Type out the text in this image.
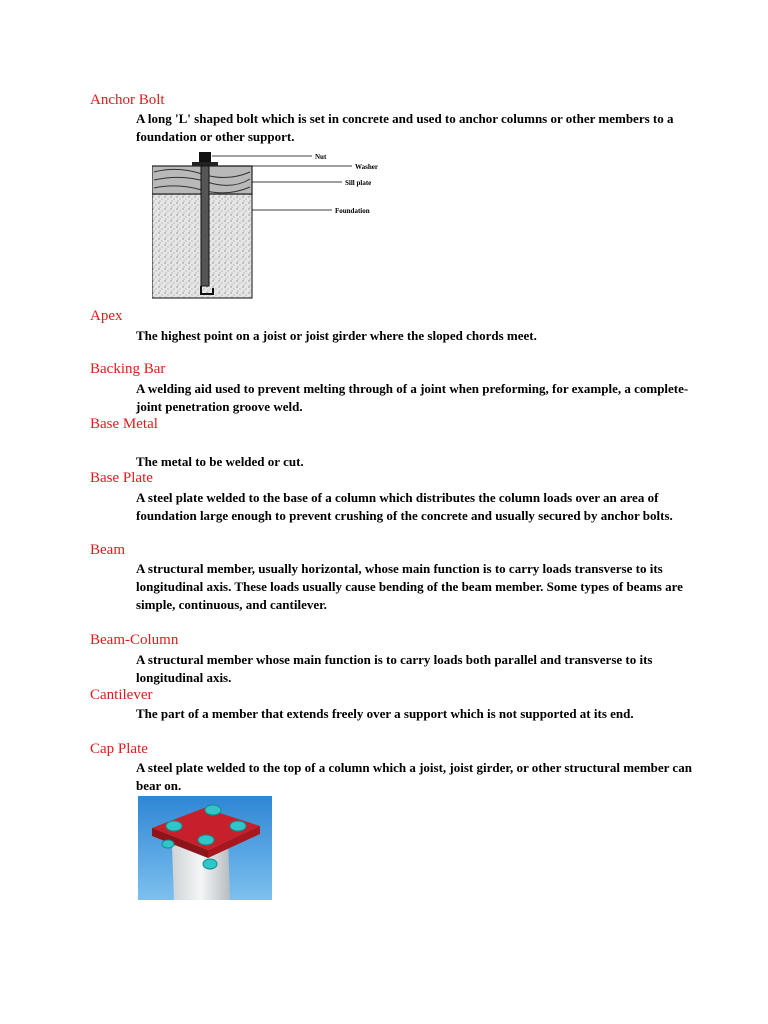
Anchor Bolt

A long 'L' shaped bolt which is set in concrete and used to anchor columns or other members to a foundation or other support.

Nut
Washer
Sill plate
Foundation
Apex

The highest point on a joist or joist girder where the sloped chords meet.

Backing Bar

A welding aid used to prevent melting through of a joint when preforming, for example, a complete-joint penetration groove weld.

Base Metal

The metal to be welded or cut.

Base Plate

A steel plate welded to the base of a column which distributes the column loads over an area of foundation large enough to prevent crushing of the concrete and usually secured by anchor bolts.

Beam

A structural member, usually horizontal, whose main function is to carry loads transverse to its longitudinal axis. These loads usually cause bending of the beam member. Some types of beams are simple, continuous, and cantilever.

Beam-Column

A structural member whose main function is to carry loads both parallel and transverse to its longitudinal axis.

Cantilever

The part of a member that extends freely over a support which is not supported at its end.

Cap Plate

A steel plate welded to the top of a column which a joist, joist girder, or other structural member can bear on.
